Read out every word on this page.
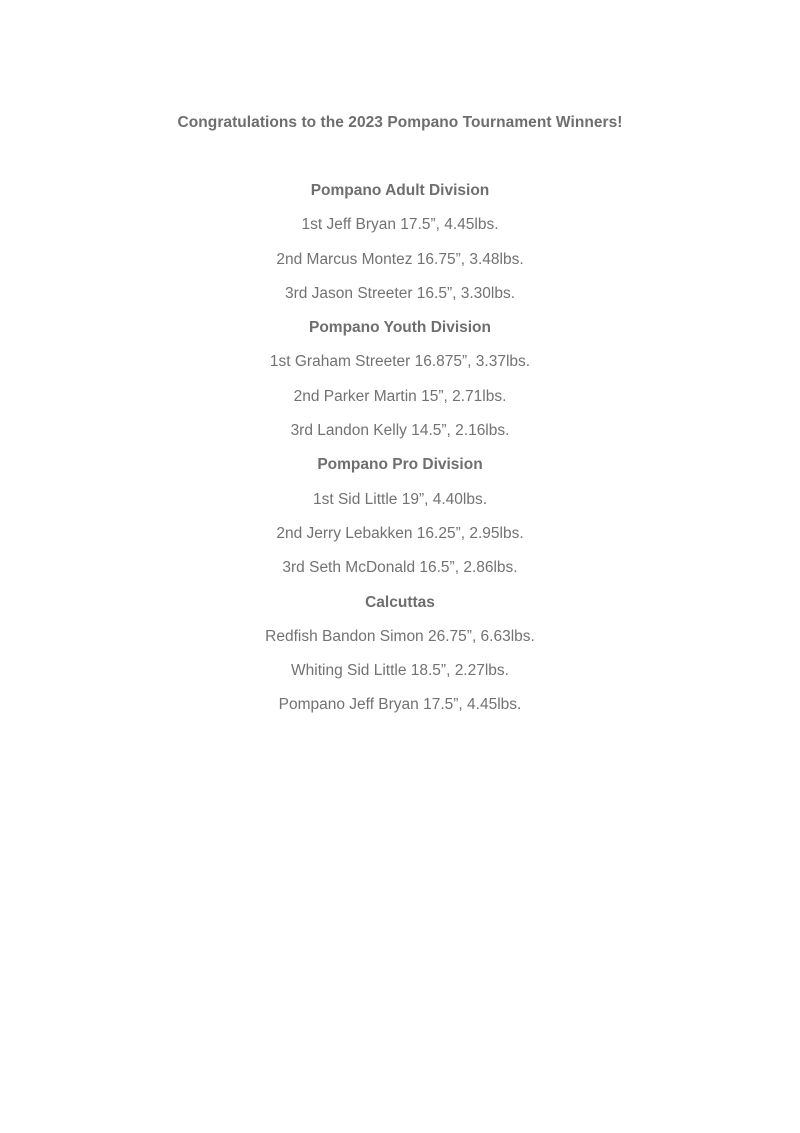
Congratulations to the 2023 Pompano Tournament Winners!
Pompano Adult Division
1st Jeff Bryan 17.5”, 4.45lbs.
2nd Marcus Montez 16.75”, 3.48lbs.
3rd Jason Streeter 16.5”, 3.30lbs.
Pompano Youth Division
1st Graham Streeter 16.875”, 3.37lbs.
2nd Parker Martin 15”, 2.71lbs.
3rd Landon Kelly 14.5”, 2.16lbs.
Pompano Pro Division
1st Sid Little 19”, 4.40lbs.
2nd Jerry Lebakken 16.25”, 2.95lbs.
3rd Seth McDonald 16.5”, 2.86lbs.
Calcuttas
Redfish Bandon Simon 26.75”, 6.63lbs.
Whiting Sid Little 18.5”, 2.27lbs.
Pompano Jeff Bryan 17.5”, 4.45lbs.
